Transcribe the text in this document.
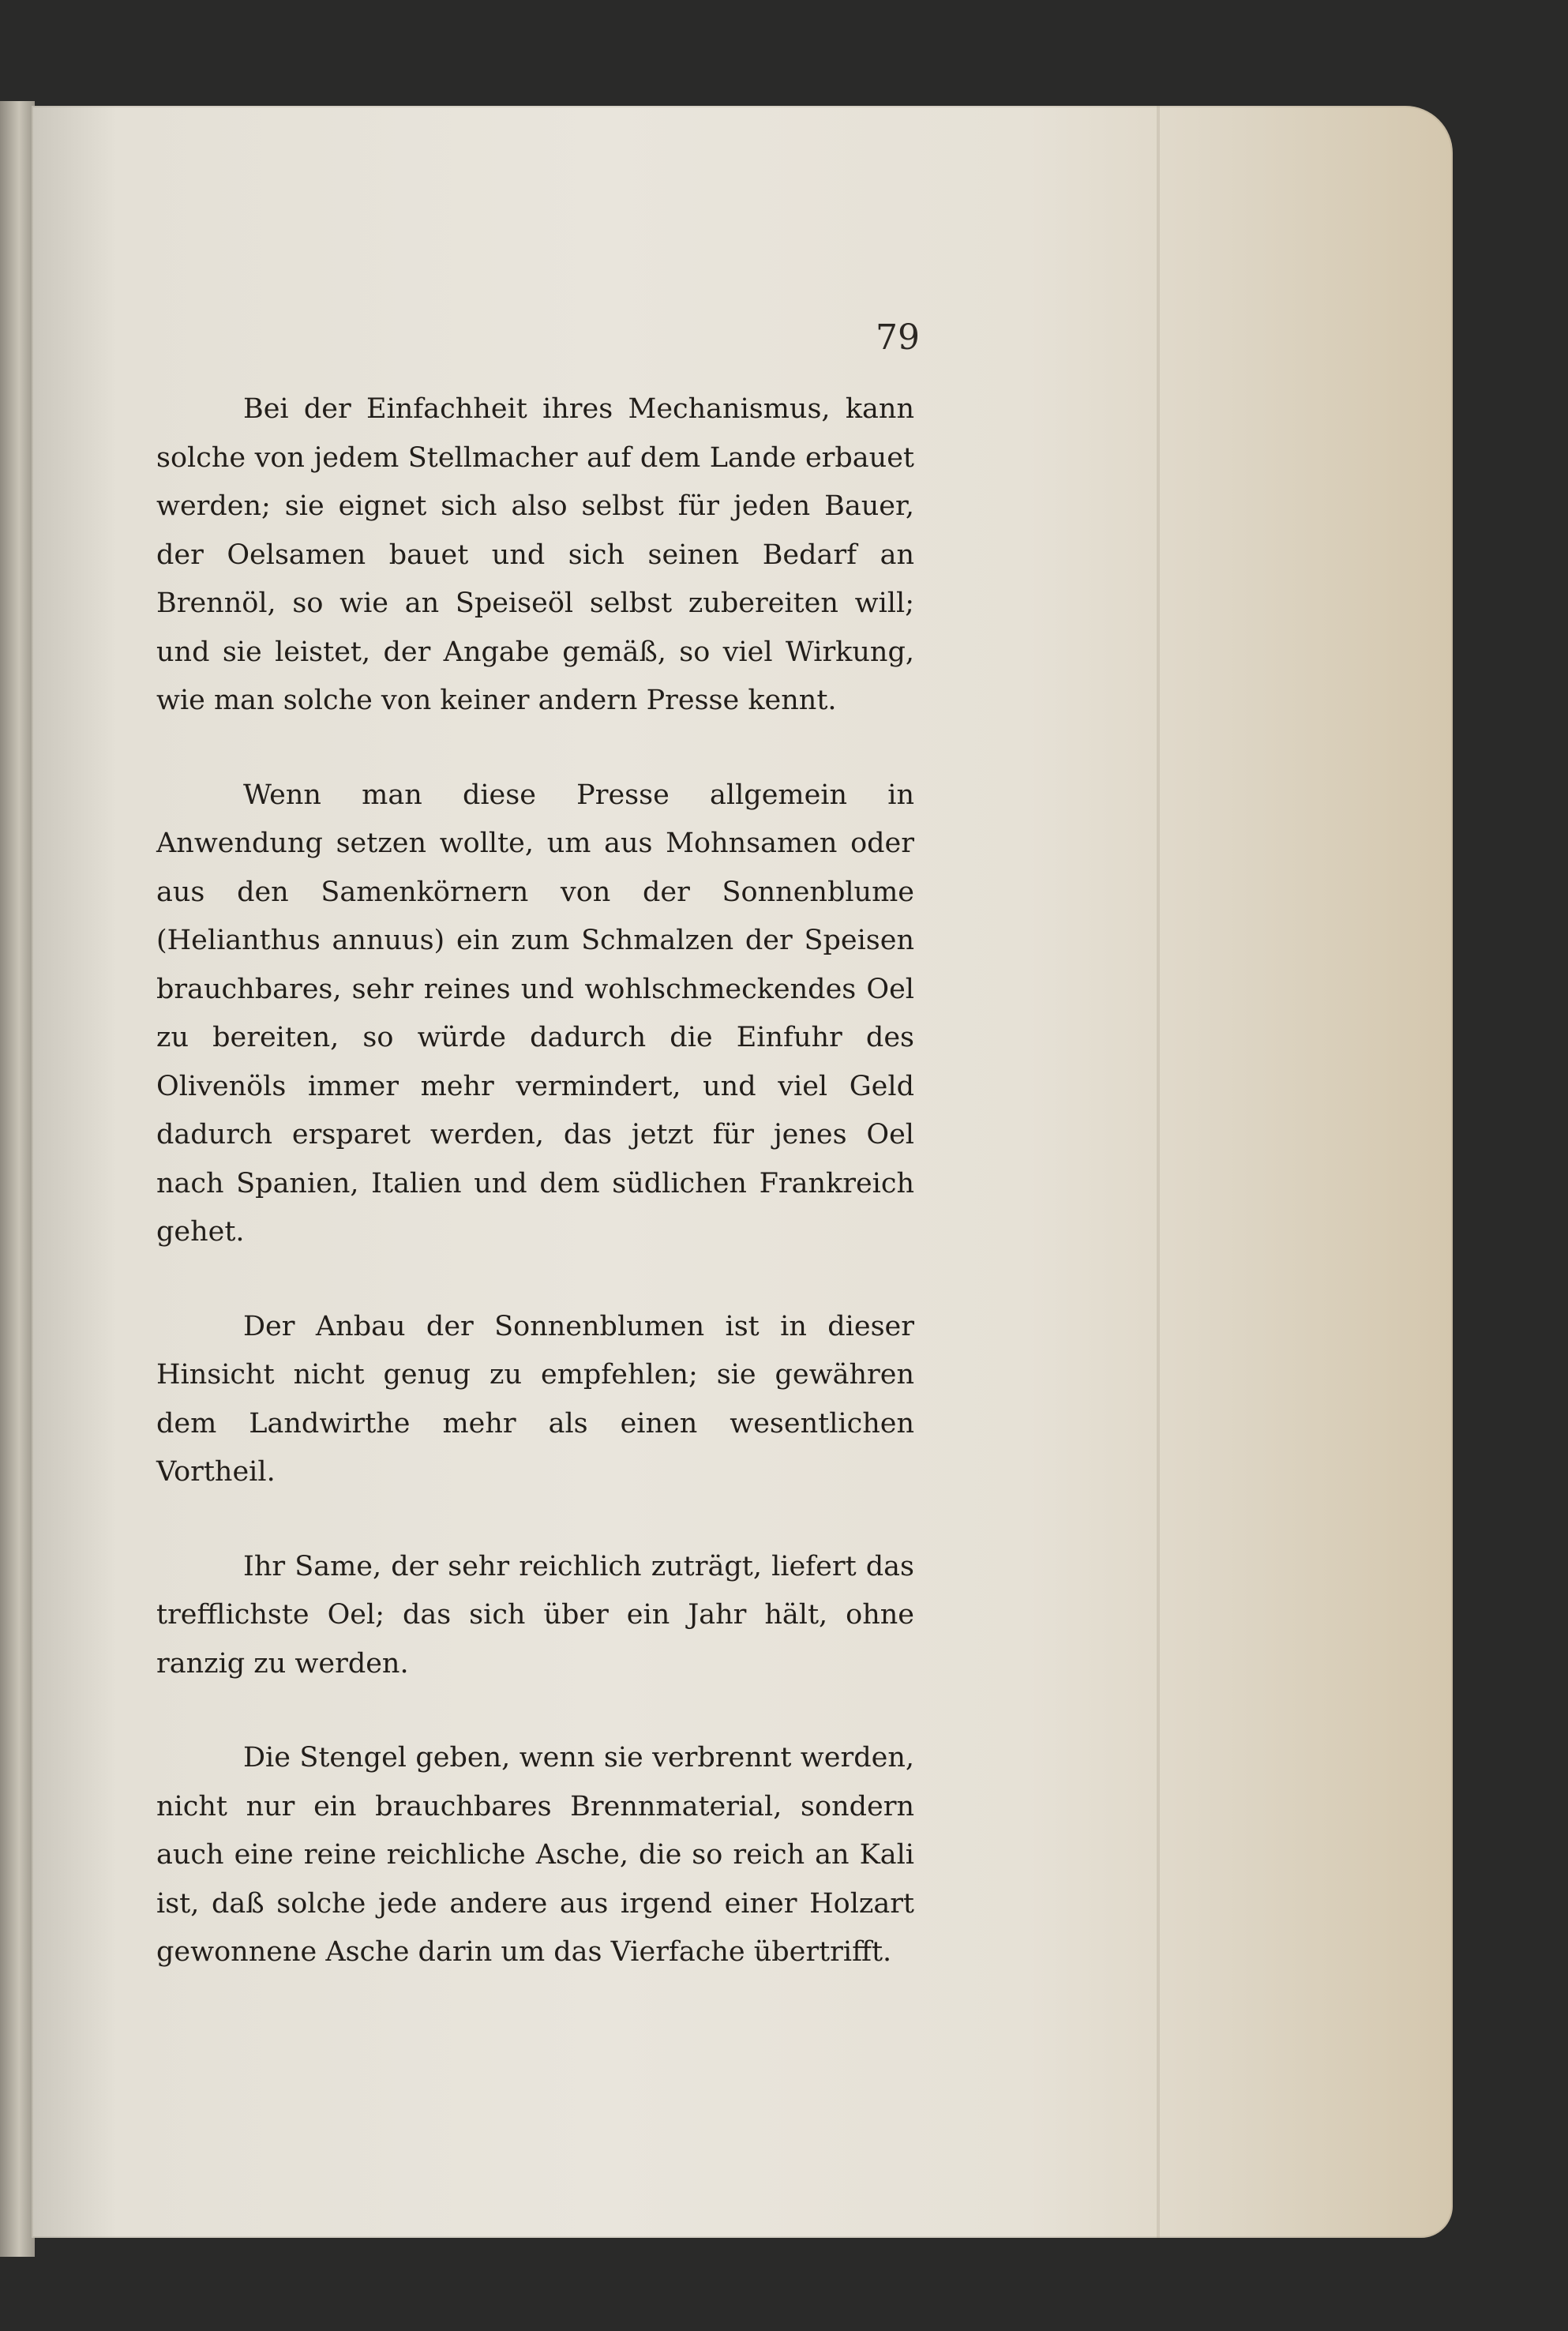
79

Bei der Einfachheit ihres Mechanismus, kann solche von jedem Stellmacher auf dem Lande erbauet werden; sie eignet sich also selbst für jeden Bauer, der Oelsamen bauet und sich seinen Bedarf an Brennöl, so wie an Speiseöl selbst zubereiten will; und sie leistet, der Angabe gemäß, so viel Wirkung, wie man solche von keiner andern Presse kennt.

Wenn man diese Presse allgemein in Anwendung setzen wollte, um aus Mohnsamen oder aus den Samenkörnern von der Sonnenblume (Helianthus annuus) ein zum Schmalzen der Speisen brauchbares, sehr reines und wohlschmeckendes Oel zu bereiten, so würde dadurch die Einfuhr des Olivenöls immer mehr vermindert, und viel Geld dadurch ersparet werden, das jetzt für jenes Oel nach Spanien, Italien und dem südlichen Frankreich gehet.

Der Anbau der Sonnenblumen ist in dieser Hinsicht nicht genug zu empfehlen; sie gewähren dem Landwirthe mehr als einen wesentlichen Vortheil.

Ihr Same, der sehr reichlich zuträgt, liefert das trefflichste Oel; das sich über ein Jahr hält, ohne ranzig zu werden.

Die Stengel geben, wenn sie verbrennt werden, nicht nur ein brauchbares Brennmaterial, sondern auch eine reine reichliche Asche, die so reich an Kali ist, daß solche jede andere aus irgend einer Holzart gewonnene Asche darin um das Vierfache übertrifft.
